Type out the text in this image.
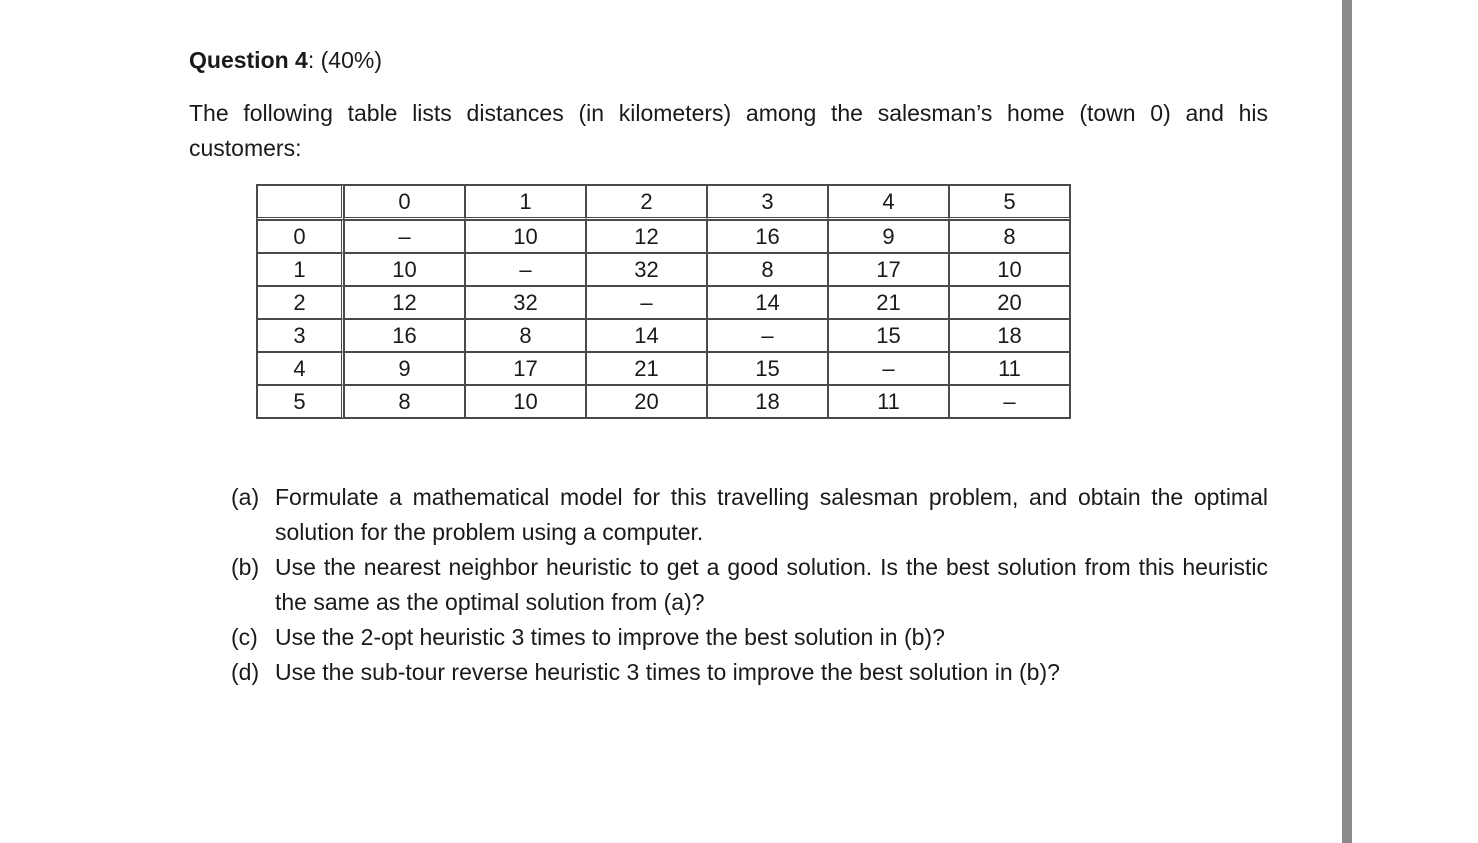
Question 4: (40%)
The following table lists distances (in kilometers) among the salesman’s home (town 0) and his customers:
	0	1	2	3	4	5
0	–	10	12	16	9	8
1	10	–	32	8	17	10
2	12	32	–	14	21	20
3	16	8	14	–	15	18
4	9	17	21	15	–	11
5	8	10	20	18	11	–
(a) Formulate a mathematical model for this travelling salesman problem, and obtain the optimal solution for the problem using a computer.
(b) Use the nearest neighbor heuristic to get a good solution. Is the best solution from this heuristic the same as the optimal solution from (a)?
(c) Use the 2-opt heuristic 3 times to improve the best solution in (b)?
(d) Use the sub-tour reverse heuristic 3 times to improve the best solution in (b)?
